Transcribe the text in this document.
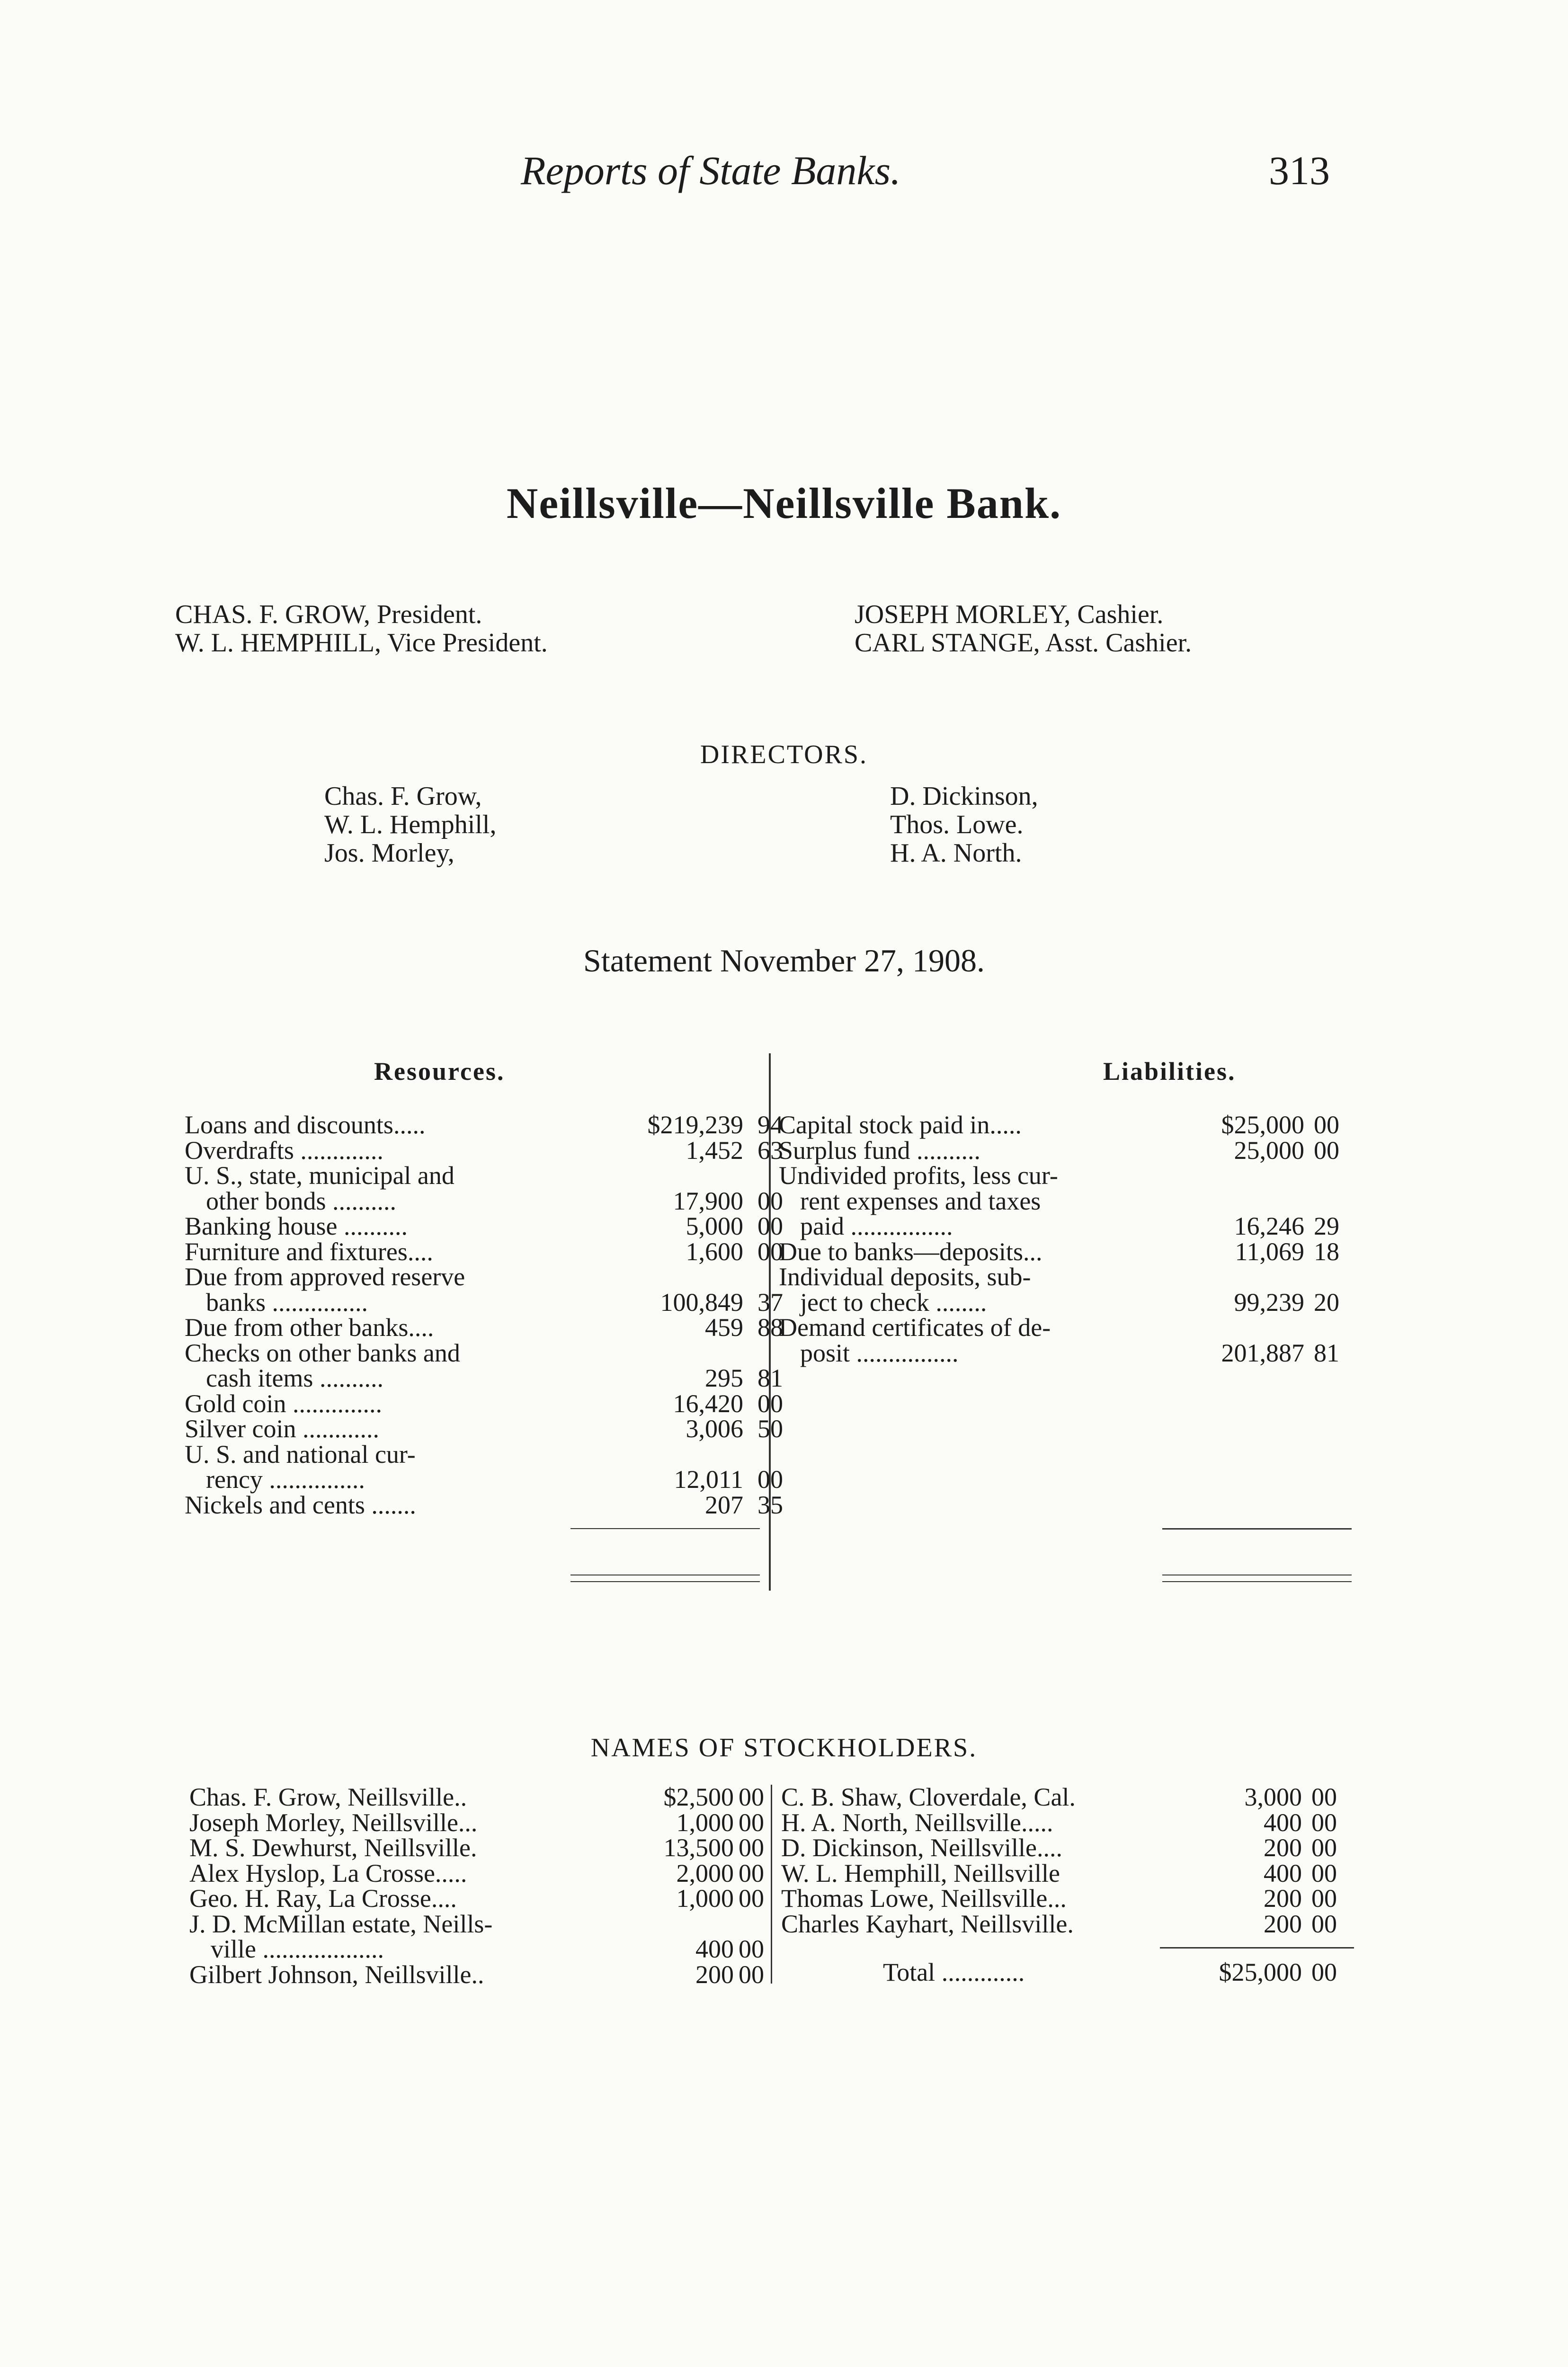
Reports of State Banks.	313
Neillsville—Neillsville Bank.
CHAS. F. GROW, President.
W. L. HEMPHILL, Vice President.
JOSEPH MORLEY, Cashier.
CARL STANGE, Asst. Cashier.
DIRECTORS.
Chas. F. Grow,
W. L. Hemphill,
Jos. Morley,
D. Dickinson,
Thos. Lowe.
H. A. North.
Statement November 27, 1908.
Resources.	Liabilities.
Loans and discounts.....	$219,239 94
Overdrafts .............	1,452 63
U. S., state, municipal and
other bonds ..........	17,900 00
Banking house ..........	5,000 00
Furniture and fixtures....	1,600 00
Due from approved reserve
banks ...............	100,849 37
Due from other banks....	459 88
Checks on other banks and
cash items ..........	295 81
Gold coin ..............	16,420 00
Silver coin ............	3,006 50
U. S. and national cur-
rency ...............	12,011 00
Nickels and cents .......	207 35
Capital stock paid in.....	$25,000 00
Surplus fund ..........	25,000 00
Undivided profits, less cur-
rent expenses and taxes
paid ................	16,246 29
Due to banks—deposits...	11,069 18
Individual deposits, sub-
ject to check ........	99,239 20
Demand certificates of de-
posit ................	201,887 81
NAMES OF STOCKHOLDERS.
Chas. F. Grow, Neillsville..	$2,500 00
Joseph Morley, Neillsville...	1,000 00
M. S. Dewhurst, Neillsville.	13,500 00
Alex Hyslop, La Crosse.....	2,000 00
Geo. H. Ray, La Crosse....	1,000 00
J. D. McMillan estate, Neills-
ville ...................	400 00
Gilbert Johnson, Neillsville..	200 00
C. B. Shaw, Cloverdale, Cal.	3,000 00
H. A. North, Neillsville.....	400 00
D. Dickinson, Neillsville....	200 00
W. L. Hemphill, Neillsville	400 00
Thomas Lowe, Neillsville...	200 00
Charles Kayhart, Neillsville.	200 00
Total .............	$25,000 00
